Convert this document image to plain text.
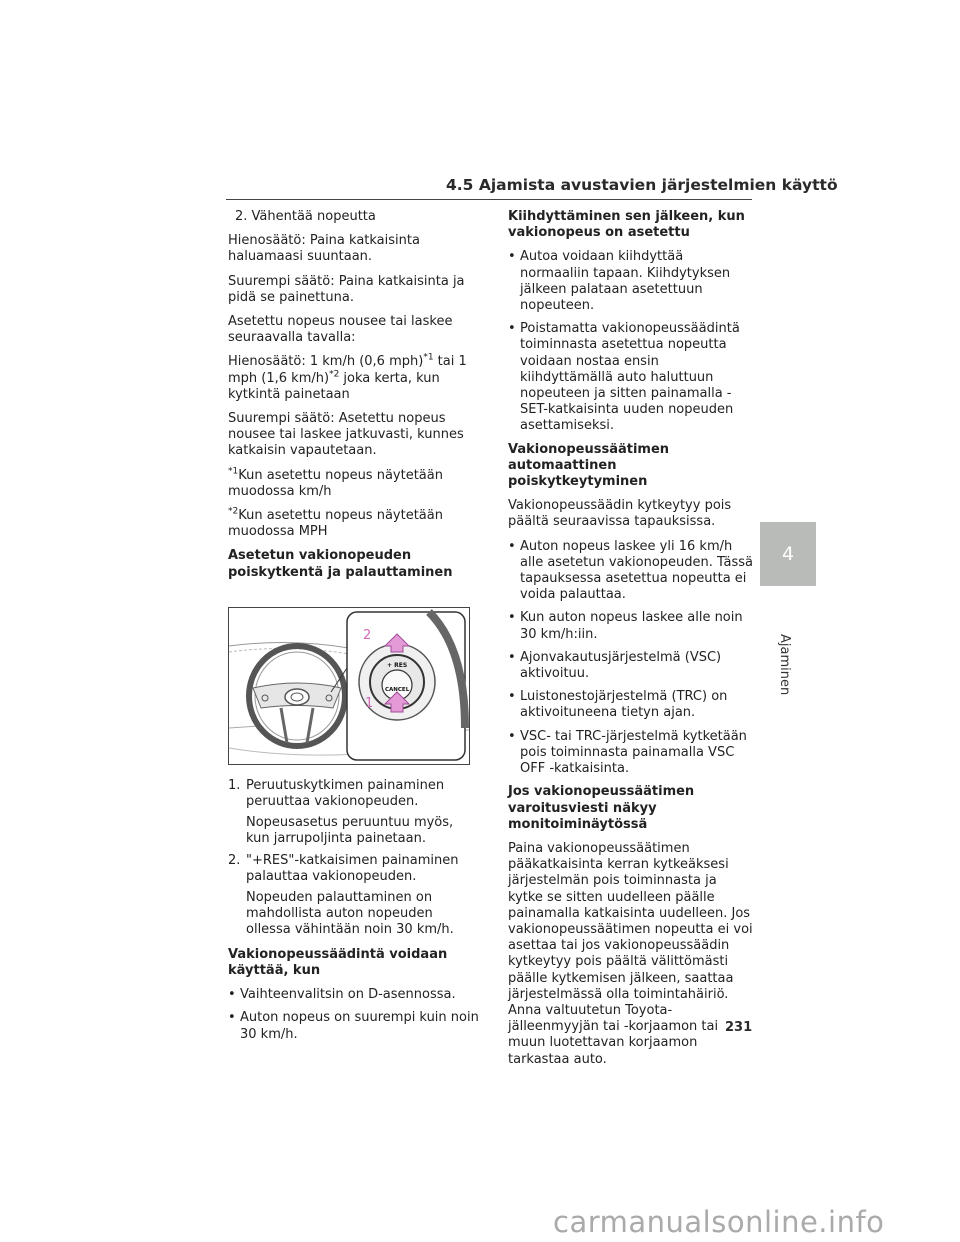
4.5 Ajamista avustavien järjestelmien käyttö

2. Vähentää nopeutta

Hienosäätö: Paina katkaisinta haluamaasi suuntaan.

Suurempi säätö: Paina katkaisinta ja pidä se painettuna.

Asetettu nopeus nousee tai laskee seuraavalla tavalla:

Hienosäätö: 1 km/h (0,6 mph)$^{*1}$ tai 1 mph (1,6 km/h)$^{*2}$ joka kerta, kun kytkintä painetaan

Suurempi säätö: Asetettu nopeus nousee tai laskee jatkuvasti, kunnes katkaisin vapautetaan.

$^{*1}$Kun asetettu nopeus näytetään muodossa km/h

$^{*2}$Kun asetettu nopeus näytetään muodossa MPH

Asetetun vakionopeuden poiskytkentä ja palauttaminen

+ RES
CANCEL
2
1
1. Peruutuskytkimen painaminen peruuttaa vakionopeuden.
Nopeusasetus peruuntuu myös, kun jarrupoljinta painetaan.
2. "+RES"-katkaisimen painaminen palauttaa vakionopeuden.
Nopeuden palauttaminen on mahdollista auton nopeuden ollessa vähintään noin 30 km/h.

Vakionopeussäädintä voidaan käyttää, kun

• Vaihteenvalitsin on D-asennossa.
• Auton nopeus on suurempi kuin noin 30 km/h.

Kiihdyttäminen sen jälkeen, kun vakionopeus on asetettu

• Autoa voidaan kiihdyttää normaaliin tapaan. Kiihdytyksen jälkeen palataan asetettuun nopeuteen.
• Poistamatta vakionopeussäädintä toiminnasta asetettua nopeutta voidaan nostaa ensin kiihdyttämällä auto haluttuun nopeuteen ja sitten painamalla -SET-katkaisinta uuden nopeuden asettamiseksi.

Vakionopeussäätimen automaattinen poiskytkeytyminen

Vakionopeussäädin kytkeytyy pois päältä seuraavissa tapauksissa.

• Auton nopeus laskee yli 16 km/h alle asetetun vakionopeuden. Tässä tapauksessa asetettua nopeutta ei voida palauttaa.
• Kun auton nopeus laskee alle noin 30 km/h:iin.
• Ajonvakautusjärjestelmä (VSC) aktivoituu.
• Luistonestojärjestelmä (TRC) on aktivoituneena tietyn ajan.
• VSC- tai TRC-järjestelmä kytketään pois toiminnasta painamalla VSC OFF -katkaisinta.

Jos vakionopeussäätimen varoitusviesti näkyy monitoiminäytössä

Paina vakionopeussäätimen pääkatkaisinta kerran kytkeäksesi järjestelmän pois toiminnasta ja kytke se sitten uudelleen päälle painamalla katkaisinta uudelleen. Jos vakionopeussäätimen nopeutta ei voi asettaa tai jos vakionopeussäädin kytkeytyy pois päältä välittömästi päälle kytkemisen jälkeen, saattaa järjestelmässä olla toimintahäiriö. Anna valtuutetun Toyota-jälleenmyyjän tai -korjaamon tai muun luotettavan korjaamon tarkastaa auto.

4
Ajaminen
231
carmanualsonline.info
